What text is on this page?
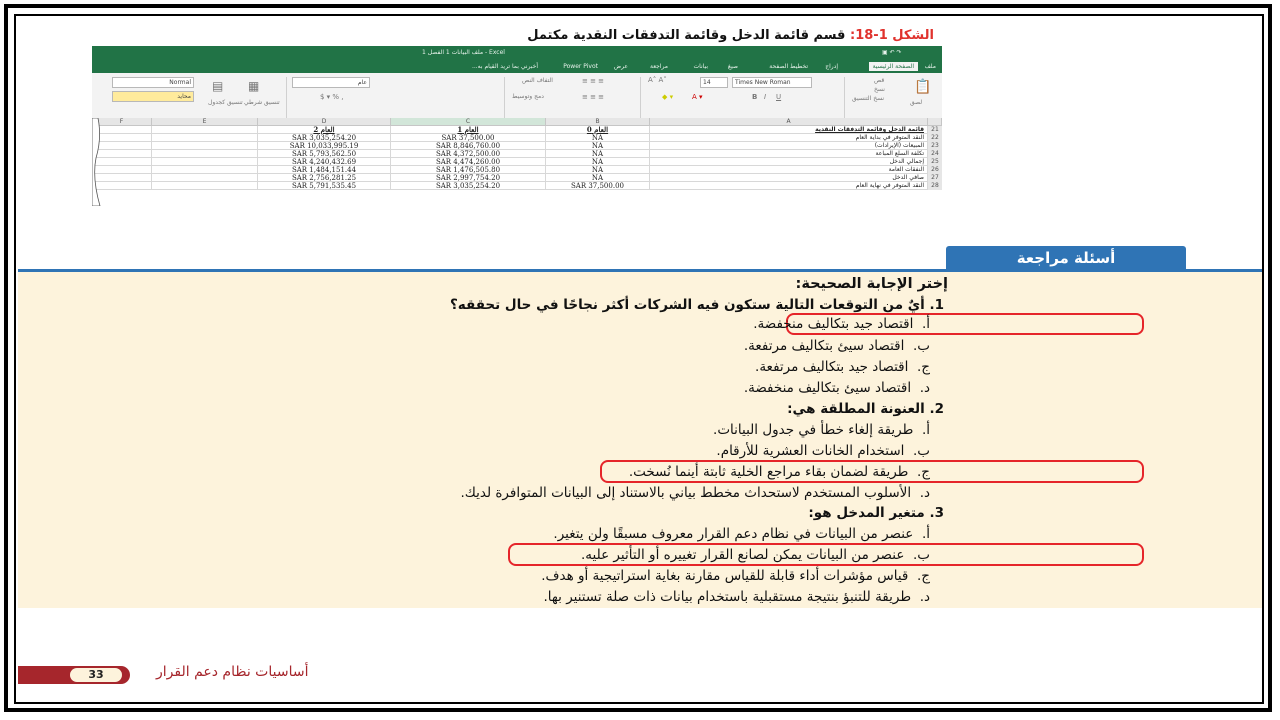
الشكل 1-18: قسم قائمة الدخل وقائمة التدفقات النقدية مكتمل
ملف البيانات 1 الفصل 1 - Excel	▣ ↶ ↷
ملف
الصفحة الرئيسية
إدراج
تخطيط الصفحة
صيغ
بيانات
مراجعة
عرض
Power Pivot
أخبرني بما تريد القيام به...
📋
لصق
قص
نسخ
نسخ التنسيق
Times New Roman
14
A˄ A˅
B I U
A ▾
◆ ▾
التفاف النص
دمج وتوسيط
≡ ≡ ≡
≡ ≡ ≡
عام
$ ▾ % ,
Normal
محايد
تنسيق كجدول تنسيق شرطي
▦
▤
F	E	D	C	B	A
العام 2	العام 1	العام 0	قائمة الدخل وقائمة التدفقات النقدية	21
SAR 3,035,254.20	SAR 37,500.00	NA	النقد المتوفر في بداية العام	22
SAR 10,033,995.19	SAR 8,846,760.00	NA	المبيعات (الإيرادات)	23
SAR 5,793,562.50	SAR 4,372,500.00	NA	تكلفة السلع المباعة	24
SAR 4,240,432.69	SAR 4,474,260.00	NA	إجمالي الدخل	25
SAR 1,484,151.44	SAR 1,476,505.80	NA	النفقات العامة	26
SAR 2,756,281.25	SAR 2,997,754.20	NA	صافي الدخل	27
SAR 5,791,535.45	SAR 3,035,254.20	SAR 37,500.00	النقد المتوفر في نهاية العام	28
أسئلة مراجعة
إختر الإجابة الصحيحة:
1. أيٌ من التوقعات التالية ستكون فيه الشركات أكثر نجاحًا في حال تحققه؟
أ.  اقتصاد جيد بتكاليف منخفضة.
ب.  اقتصاد سيئ بتكاليف مرتفعة.
ج.  اقتصاد جيد بتكاليف مرتفعة.
د.  اقتصاد سيئ بتكاليف منخفضة.
2. العنونة المطلقة هي:
أ.  طريقة إلغاء خطأ في جدول البيانات.
ب.  استخدام الخانات العشرية للأرقام.
ج.  طريقة لضمان بقاء مراجع الخلية ثابتة أينما نُسخت.
د.  الأسلوب المستخدم لاستحداث مخطط بياني بالاستناد إلى البيانات المتوافرة لديك.
3. متغير المدخل هو:
أ.  عنصر من البيانات في نظام دعم القرار معروف مسبقًا ولن يتغير.
ب.  عنصر من البيانات يمكن لصانع القرار تغييره أو التأثير عليه.
ج.  قياس مؤشرات أداء قابلة للقياس مقارنة بغاية استراتيجية أو هدف.
د.  طريقة للتنبؤ بنتيجة مستقبلية باستخدام بيانات ذات صلة تستنير بها.
33	أساسيات نظام دعم القرار
